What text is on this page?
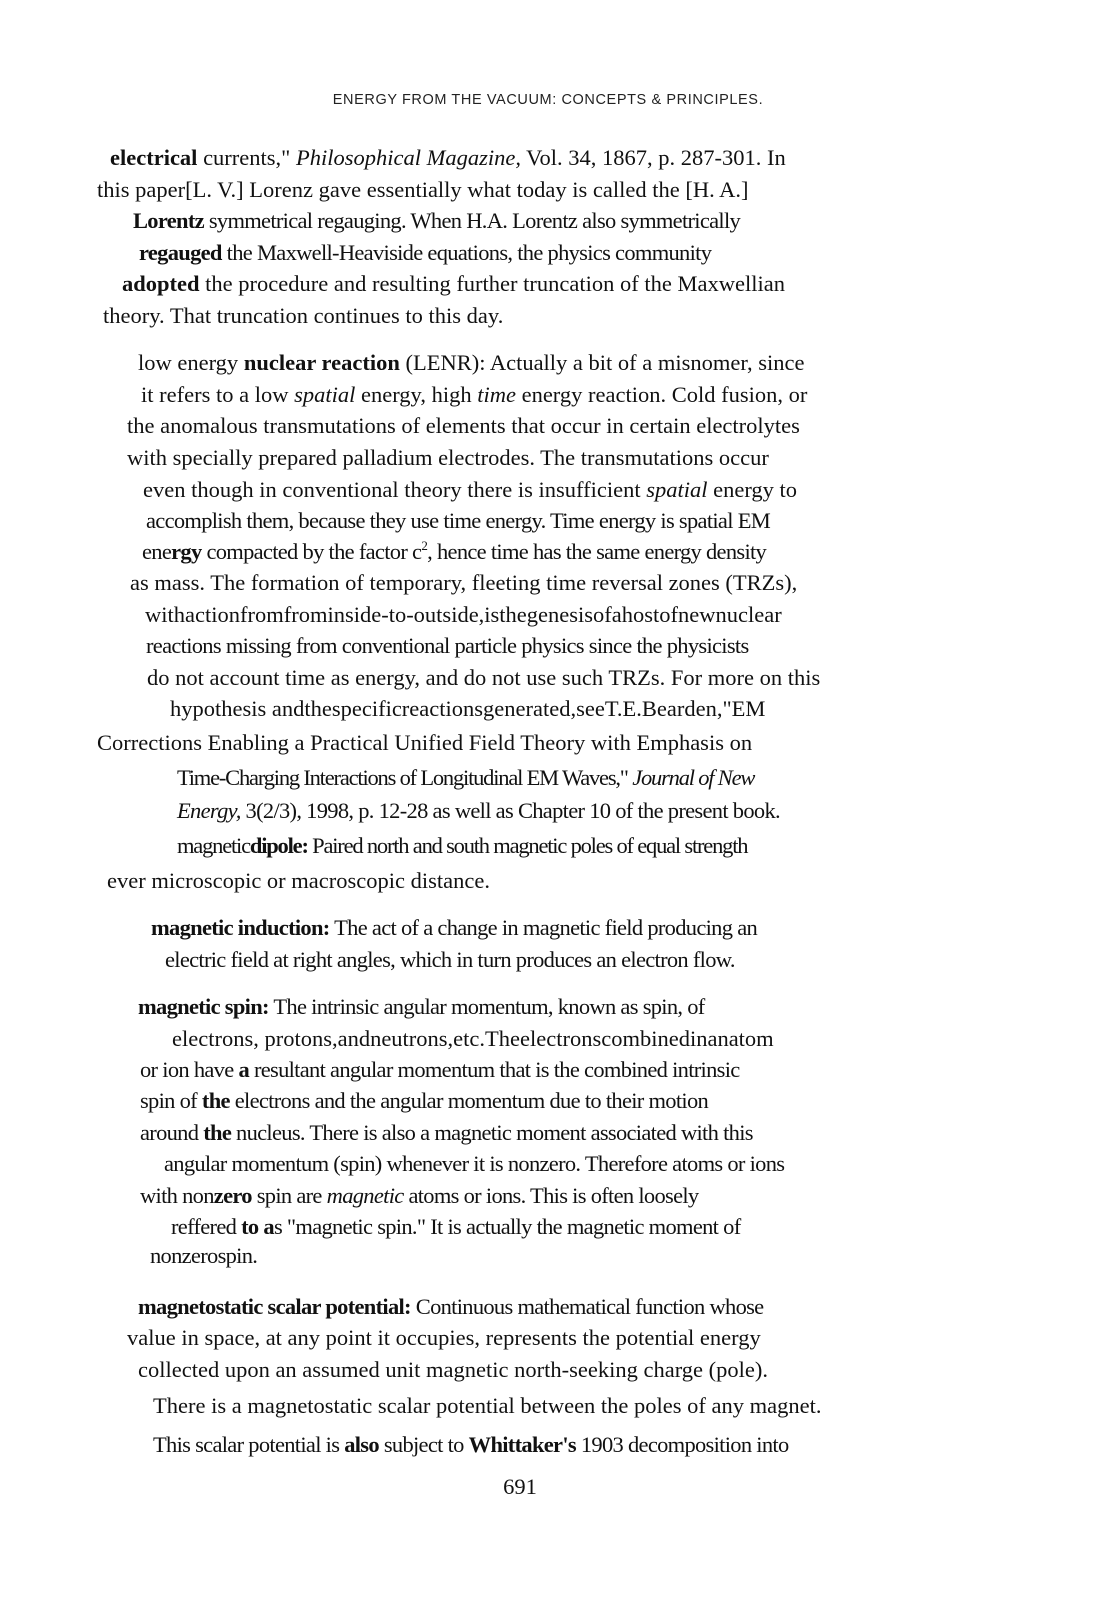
ENERGY FROM THE VACUUM: CONCEPTS & PRINCIPLES.
electrical currents," Philosophical Magazine, Vol. 34, 1867, p. 287-301. In
this paper[L. V.] Lorenz gave essentially what today is called the [H. A.]
Lorentz symmetrical regauging. When H.A. Lorentz also symmetrically
regauged the Maxwell-Heaviside equations, the physics community
adopted the procedure and resulting further truncation of the Maxwellian
theory. That truncation continues to this day.
low energy nuclear reaction (LENR): Actually a bit of a misnomer, since
it refers to a low spatial energy, high time energy reaction. Cold fusion, or
the anomalous transmutations of elements that occur in certain electrolytes
with specially prepared palladium electrodes. The transmutations occur
even though in conventional theory there is insufficient spatial energy to
accomplish them, because they use time energy. Time energy is spatial EM
energy compacted by the factor $c^2$, hence time has the same energy density
as mass. The formation of temporary, fleeting time reversal zones (TRZs),
withactionfromfrominside-to-outside,isthegenesisofahostofnewnuclear
reactions missing from conventional particle physics since the physicists
do not account time as energy, and do not use such TRZs. For more on this
hypothesis andthespecificreactionsgenerated,seeT.E.Bearden,"EM
Corrections Enabling a Practical Unified Field Theory with Emphasis on
Time-Charging Interactions of Longitudinal EM Waves," Journal of New
Energy, 3(2/3), 1998, p. 12-28 as well as Chapter 10 of the present book.
magneticdipole: Paired north and south magnetic poles of equal strength
ever microscopic or macroscopic distance.
magnetic induction: The act of a change in magnetic field producing an
electric field at right angles, which in turn produces an electron flow.
magnetic spin: The intrinsic angular momentum, known as spin, of
electrons, protons,andneutrons,etc.Theelectronscombinedinanatom
or ion have a resultant angular momentum that is the combined intrinsic
spin of the electrons and the angular momentum due to their motion
around the nucleus. There is also a magnetic moment associated with this
angular momentum (spin) whenever it is nonzero. Therefore atoms or ions
with nonzero spin are magnetic atoms or ions. This is often loosely
reffered to as "magnetic spin." It is actually the magnetic moment of
nonzerospin.
magnetostatic scalar potential: Continuous mathematical function whose
value in space, at any point it occupies, represents the potential energy
collected upon an assumed unit magnetic north-seeking charge (pole).
There is a magnetostatic scalar potential between the poles of any magnet.
This scalar potential is also subject to Whittaker's 1903 decomposition into
691
